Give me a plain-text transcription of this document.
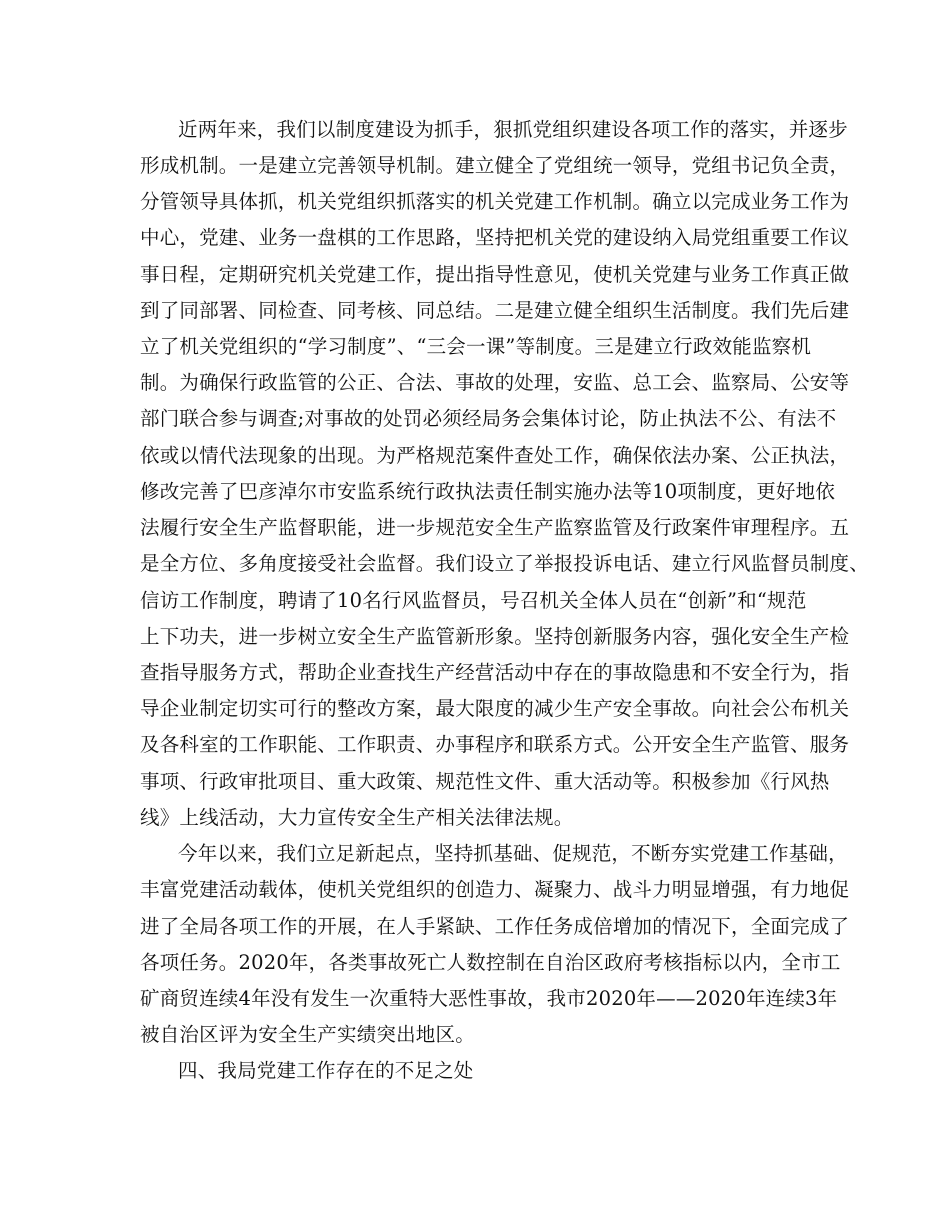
近两年来，我们以制度建设为抓手，狠抓党组织建设各项工作的落实，并逐步
形成机制。一是建立完善领导机制。建立健全了党组统一领导，党组书记负全责，
分管领导具体抓，机关党组织抓落实的机关党建工作机制。确立以完成业务工作为
中心，党建、业务一盘棋的工作思路，坚持把机关党的建设纳入局党组重要工作议
事日程，定期研究机关党建工作，提出指导性意见，使机关党建与业务工作真正做
到了同部署、同检查、同考核、同总结。二是建立健全组织生活制度。我们先后建
立了机关党组织的“学习制度”、“三会一课”等制度。三是建立行政效能监察机
制。为确保行政监管的公正、合法、事故的处理，安监、总工会、监察局、公安等
部门联合参与调查;对事故的处罚必须经局务会集体讨论，防止执法不公、有法不
依或以情代法现象的出现。为严格规范案件查处工作，确保依法办案、公正执法，
修改完善了巴彦淖尔市安监系统行政执法责任制实施办法等10项制度，更好地依
法履行安全生产监督职能，进一步规范安全生产监察监管及行政案件审理程序。五
是全方位、多角度接受社会监督。我们设立了举报投诉电话、建立行风监督员制度、
信访工作制度，聘请了10名行风监督员，号召机关全体人员在“创新”和“规范
上下功夫，进一步树立安全生产监管新形象。坚持创新服务内容，强化安全生产检
查指导服务方式，帮助企业查找生产经营活动中存在的事故隐患和不安全行为，指
导企业制定切实可行的整改方案，最大限度的减少生产安全事故。向社会公布机关
及各科室的工作职能、工作职责、办事程序和联系方式。公开安全生产监管、服务
事项、行政审批项目、重大政策、规范性文件、重大活动等。积极参加《行风热
线》上线活动，大力宣传安全生产相关法律法规。
今年以来，我们立足新起点，坚持抓基础、促规范，不断夯实党建工作基础，
丰富党建活动载体，使机关党组织的创造力、凝聚力、战斗力明显增强，有力地促
进了全局各项工作的开展，在人手紧缺、工作任务成倍增加的情况下，全面完成了
各项任务。2020年，各类事故死亡人数控制在自治区政府考核指标以内，全市工
矿商贸连续4年没有发生一次重特大恶性事故，我市2020年——2020年连续3年
被自治区评为安全生产实绩突出地区。
四、我局党建工作存在的不足之处
